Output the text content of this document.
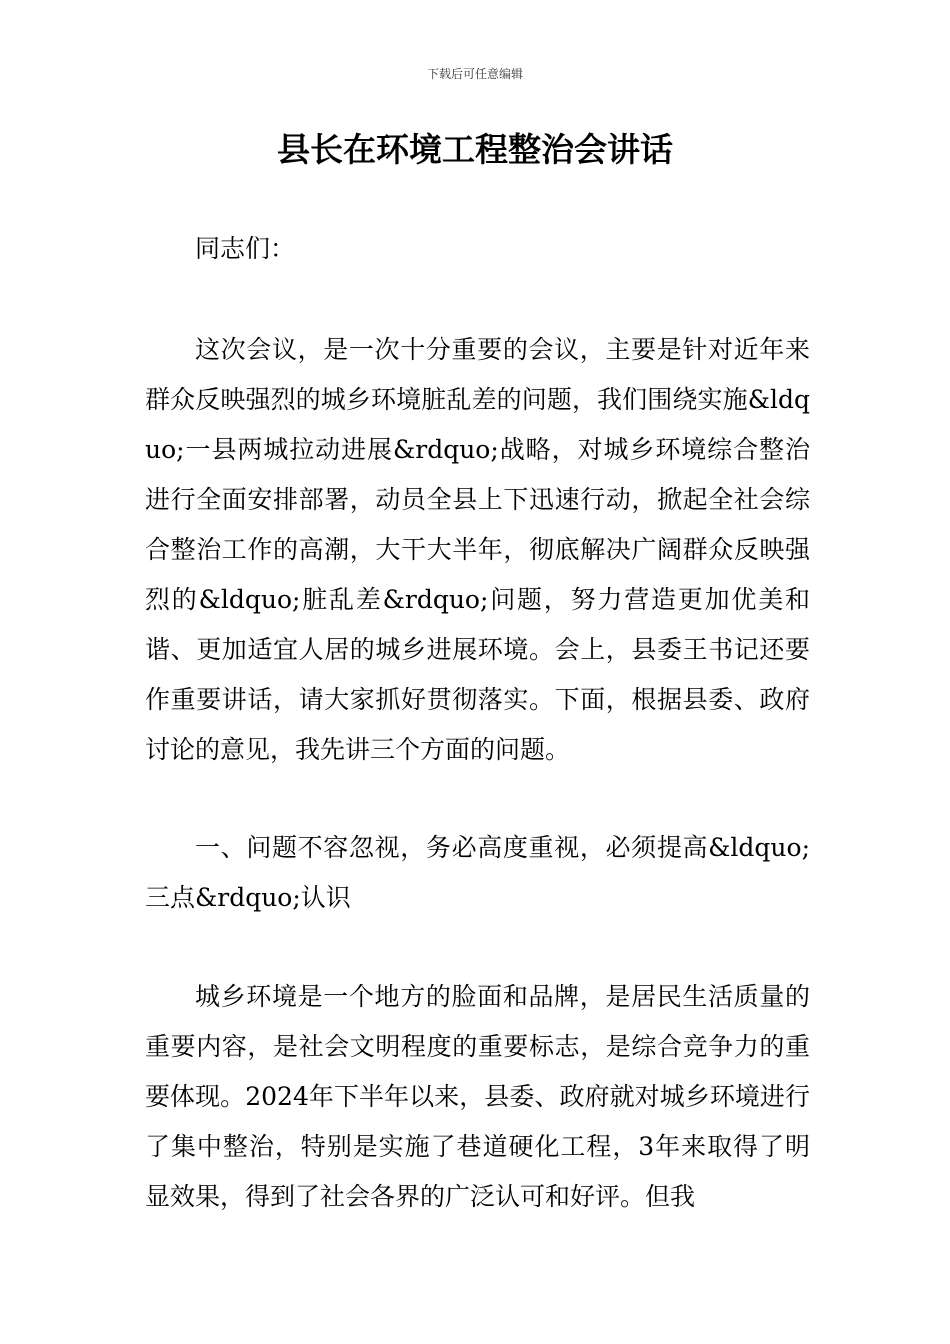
下载后可任意编辑
县长在环境工程整治会讲话

同志们：

这次会议，是一次十分重要的会议，主要是针对近年来群众反映强烈的城乡环境脏乱差的问题，我们围绕实施&ldquo;一县两城拉动进展&rdquo;战略，对城乡环境综合整治进行全面安排部署，动员全县上下迅速行动，掀起全社会综合整治工作的高潮，大干大半年，彻底解决广阔群众反映强烈的&ldquo;脏乱差&rdquo;问题，努力营造更加优美和谐、更加适宜人居的城乡进展环境。会上，县委王书记还要作重要讲话，请大家抓好贯彻落实。下面，根据县委、政府讨论的意见，我先讲三个方面的问题。

一、问题不容忽视，务必高度重视，必须提高&ldquo;三点&rdquo;认识

城乡环境是一个地方的脸面和品牌，是居民生活质量的重要内容，是社会文明程度的重要标志，是综合竞争力的重要体现。2024年下半年以来，县委、政府就对城乡环境进行了集中整治，特别是实施了巷道硬化工程，3年来取得了明显效果，得到了社会各界的广泛认可和好评。但我
